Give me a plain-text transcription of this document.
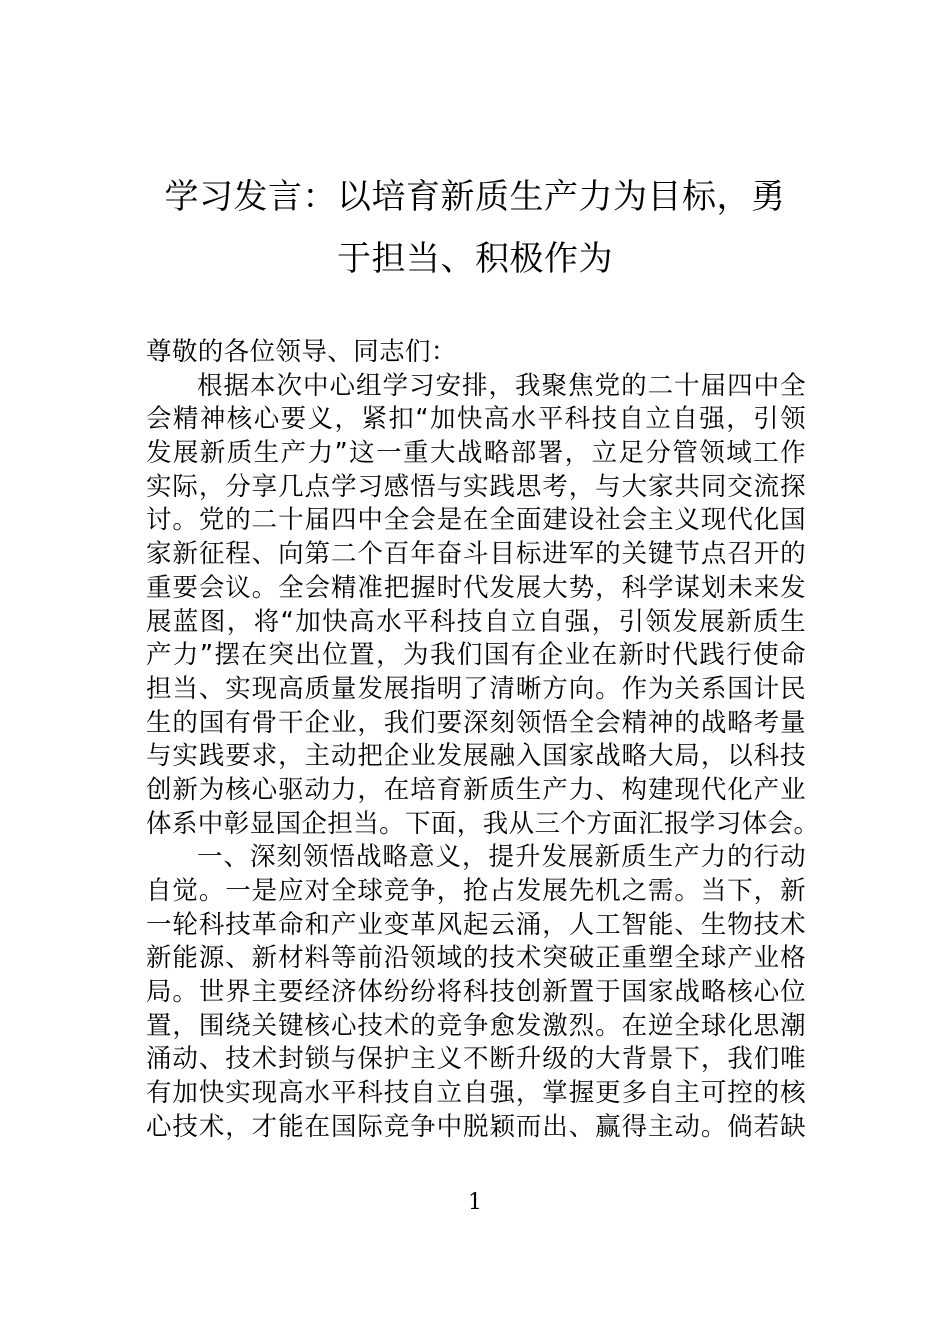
学习发言：以培育新质生产力为目标，勇
于担当、积极作为
尊敬的各位领导、同志们：
根据本次中心组学习安排，我聚焦党的二十届四中全
会精神核心要义，紧扣“加快高水平科技自立自强，引领
发展新质生产力”这一重大战略部署，立足分管领域工作
实际，分享几点学习感悟与实践思考，与大家共同交流探
讨。党的二十届四中全会是在全面建设社会主义现代化国
家新征程、向第二个百年奋斗目标进军的关键节点召开的
重要会议。全会精准把握时代发展大势，科学谋划未来发
展蓝图，将“加快高水平科技自立自强，引领发展新质生
产力”摆在突出位置，为我们国有企业在新时代践行使命
担当、实现高质量发展指明了清晰方向。作为关系国计民
生的国有骨干企业，我们要深刻领悟全会精神的战略考量
与实践要求，主动把企业发展融入国家战略大局，以科技
创新为核心驱动力，在培育新质生产力、构建现代化产业
体系中彰显国企担当。下面，我从三个方面汇报学习体会。
一、深刻领悟战略意义，提升发展新质生产力的行动
自觉。一是应对全球竞争，抢占发展先机之需。当下，新
一轮科技革命和产业变革风起云涌，人工智能、生物技术
新能源、新材料等前沿领域的技术突破正重塑全球产业格
局。世界主要经济体纷纷将科技创新置于国家战略核心位
置，围绕关键核心技术的竞争愈发激烈。在逆全球化思潮
涌动、技术封锁与保护主义不断升级的大背景下，我们唯
有加快实现高水平科技自立自强，掌握更多自主可控的核
心技术，才能在国际竞争中脱颖而出、赢得主动。倘若缺
1
